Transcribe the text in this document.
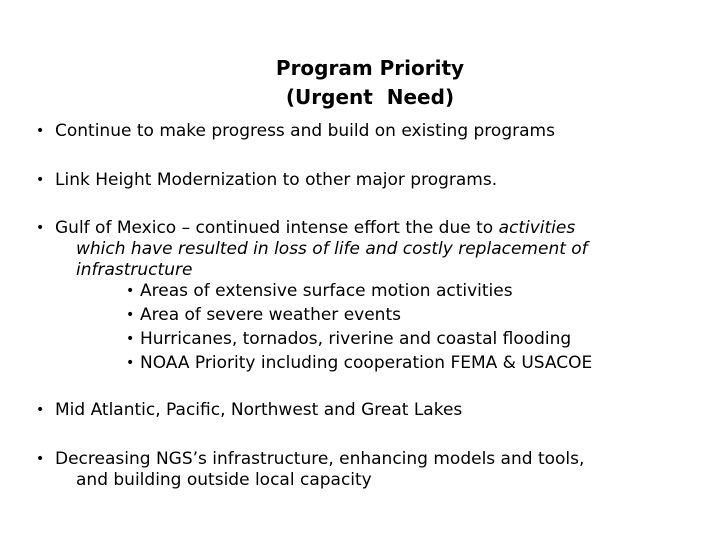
Program Priority
(Urgent  Need)
• Continue to make progress and build on existing programs
• Link Height Modernization to other major programs.
• Gulf of Mexico – continued intense effort the due to activities
which have resulted in loss of life and costly replacement of
infrastructure
• Areas of extensive surface motion activities
• Area of severe weather events
• Hurricanes, tornados, riverine and coastal flooding
• NOAA Priority including cooperation FEMA & USACOE
• Mid Atlantic, Pacific, Northwest and Great Lakes
• Decreasing NGS’s infrastructure, enhancing models and tools,
and building outside local capacity
